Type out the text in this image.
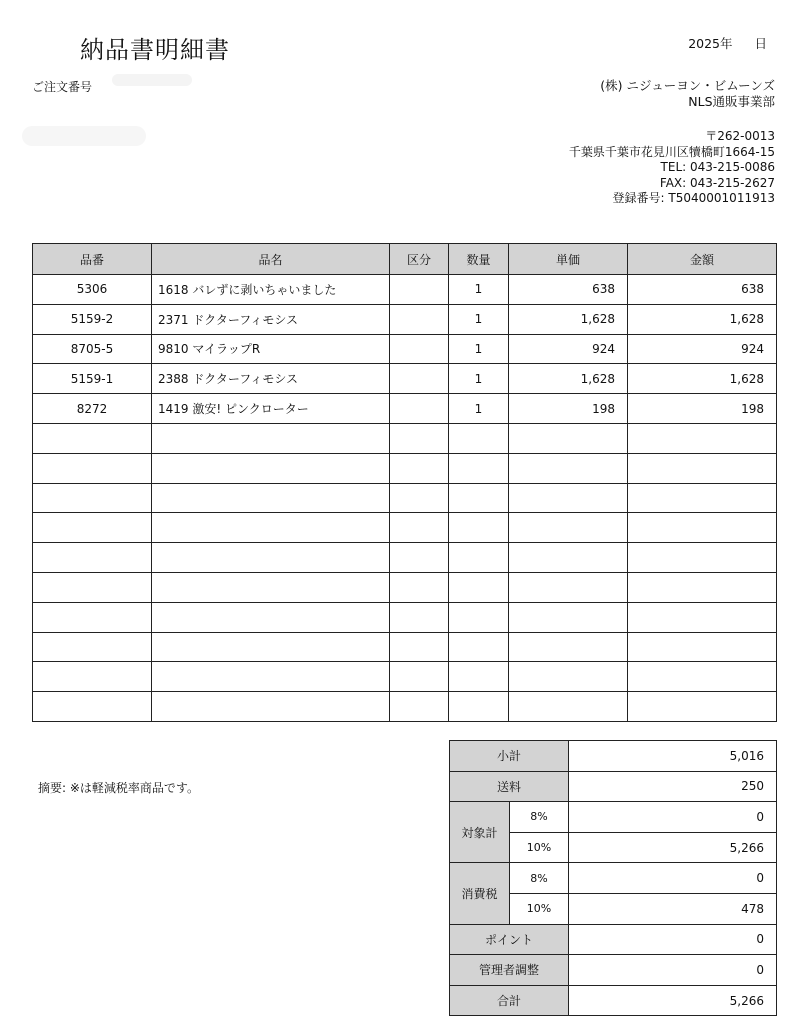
納品書明細書	2025年 日
ご注文番号	(株) ニジューヨン・ビムーンズ
NLS通販事業部
〒262-0013
千葉県千葉市花見川区犢橋町1664-15
TEL: 043-215-0086
FAX: 043-215-2627
登録番号: T5040001011913
品番	品名	区分	数量	単価	金額
5306	1618 バレずに剥いちゃいました		1	638	638
5159-2	2371 ドクターフィモシス		1	1,628	1,628
8705-5	9810 マイラップR		1	924	924
5159-1	2388 ドクターフィモシス		1	1,628	1,628
8272	1419 激安! ピンクローター		1	198	198

摘要: ※は軽減税率商品です。
小計		5,016
送料		250
対象計	8%	0
	10%	5,266
消費税	8%	0
	10%	478
ポイント		0
管理者調整		0
合計		5,266
